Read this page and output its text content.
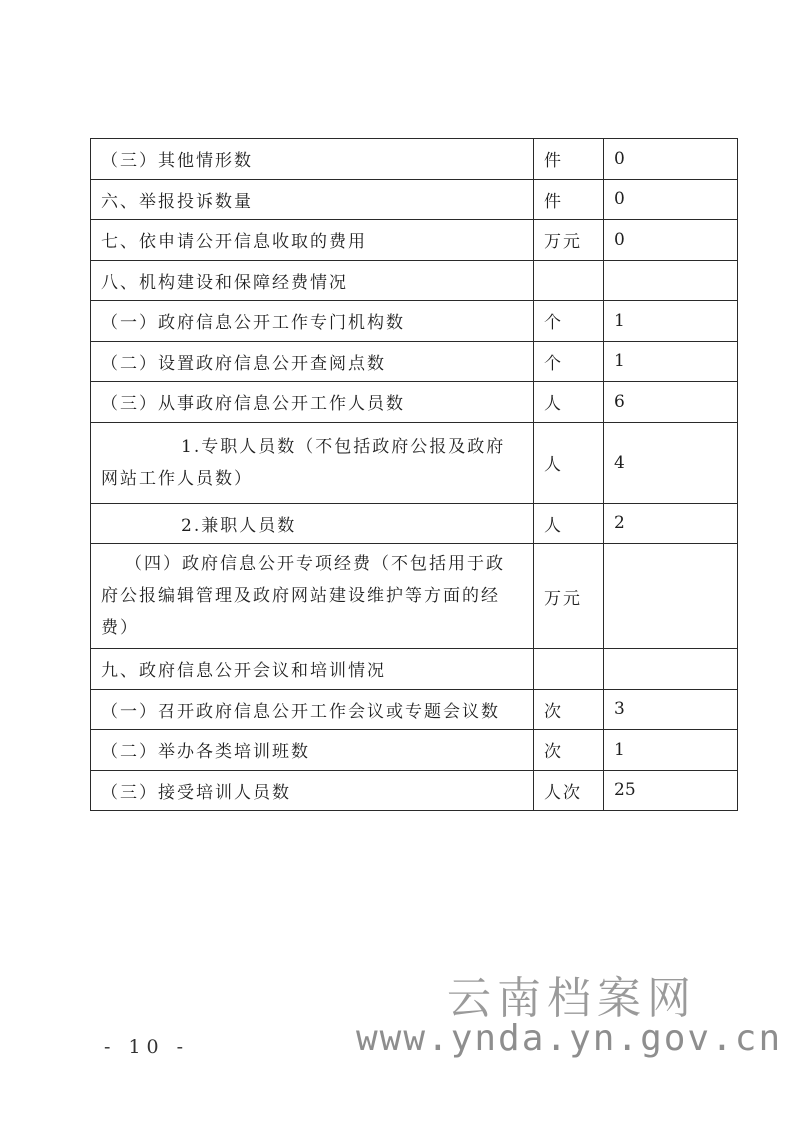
（三）其他情形数	件	0
六、举报投诉数量	件	0
七、依申请公开信息收取的费用	万元	0
八、机构建设和保障经费情况		
（一）政府信息公开工作专门机构数	个	1
（二）设置政府信息公开查阅点数	个	1
（三）从事政府信息公开工作人员数	人	6
1.专职人员数（不包括政府公报及政府网站工作人员数）	人	4
2.兼职人员数	人	2
（四）政府信息公开专项经费（不包括用于政府公报编辑管理及政府网站建设维护等方面的经费）	万元	
九、政府信息公开会议和培训情况		
（一）召开政府信息公开工作会议或专题会议数	次	3
（二）举办各类培训班数	次	1
（三）接受培训人员数	人次	25
云南档案网
www.ynda.yn.gov.cn
- 10 -
